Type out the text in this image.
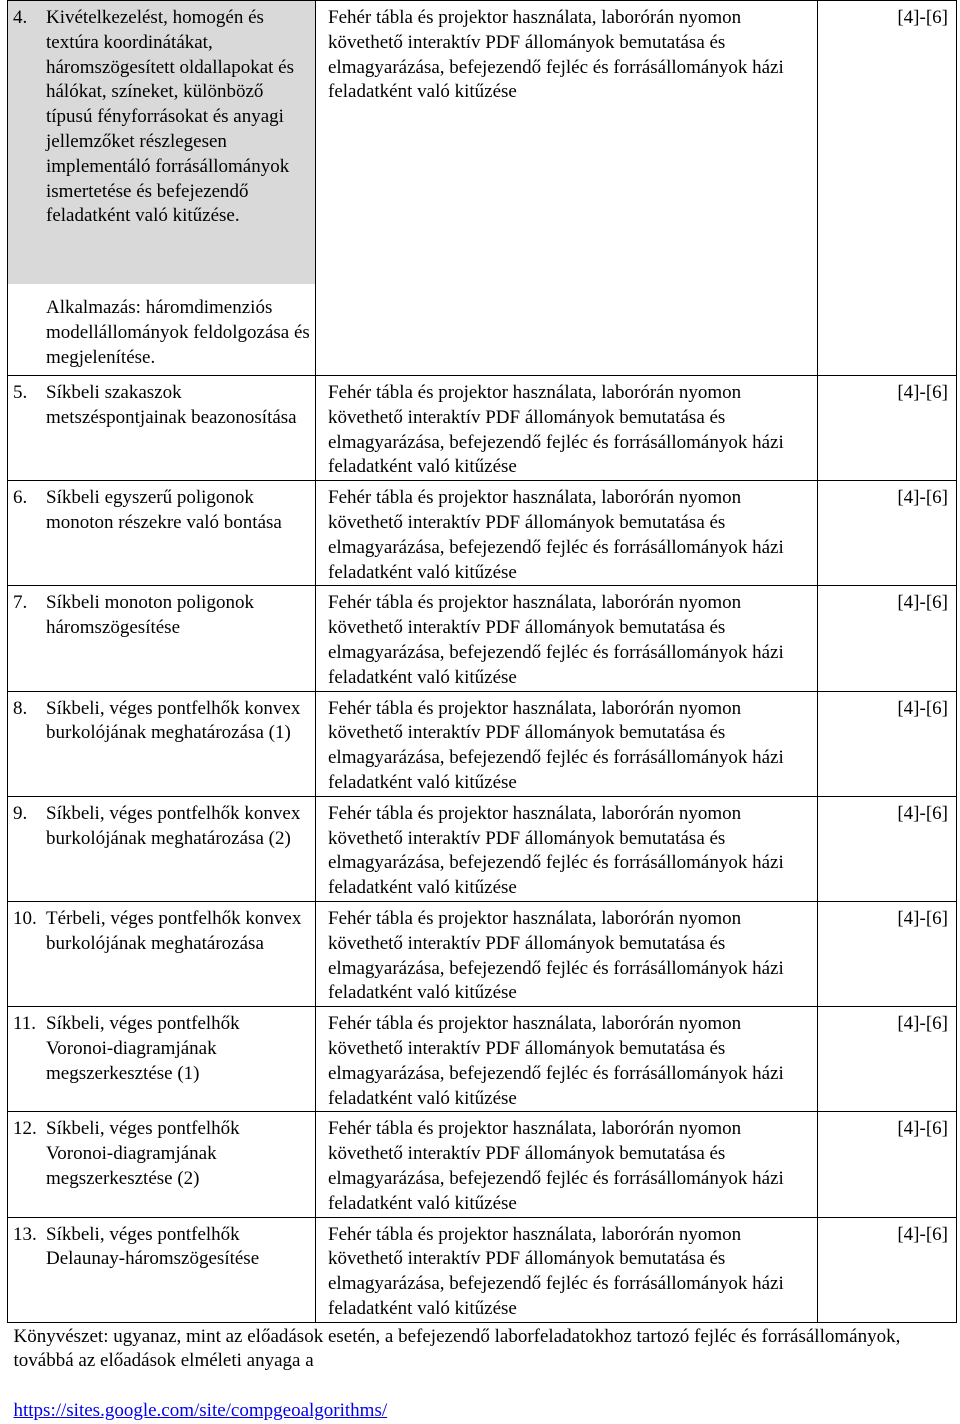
4. Kivételkezelést, homogén és textúra koordinátákat, háromszögesített oldallapokat és hálókat, színeket, különböző típusú fényforrásokat és anyagi jellemzőket részlegesen implementáló forrásállományok ismertetése és befejezendő feladatként való kitűzése.
Alkalmazás: háromdimenziós modellállományok feldolgozása és megjelenítése.	Fehér tábla és projektor használata, laborórán nyomon követhető interaktív PDF állományok bemutatása és elmagyarázása, befejezendő fejléc és forrásállományok házi feladatként való kitűzése	[4]-[6]

5. Síkbeli szakaszok metszéspontjainak beazonosítása	Fehér tábla és projektor használata, laborórán nyomon követhető interaktív PDF állományok bemutatása és elmagyarázása, befejezendő fejléc és forrásállományok házi feladatként való kitűzése	[4]-[6]

6. Síkbeli egyszerű poligonok monoton részekre való bontása	Fehér tábla és projektor használata, laborórán nyomon követhető interaktív PDF állományok bemutatása és elmagyarázása, befejezendő fejléc és forrásállományok házi feladatként való kitűzése	[4]-[6]

7. Síkbeli monoton poligonok háromszögesítése	Fehér tábla és projektor használata, laborórán nyomon követhető interaktív PDF állományok bemutatása és elmagyarázása, befejezendő fejléc és forrásállományok házi feladatként való kitűzése	[4]-[6]

8. Síkbeli, véges pontfelhők konvex burkolójának meghatározása (1)	Fehér tábla és projektor használata, laborórán nyomon követhető interaktív PDF állományok bemutatása és elmagyarázása, befejezendő fejléc és forrásállományok házi feladatként való kitűzése	[4]-[6]

9. Síkbeli, véges pontfelhők konvex burkolójának meghatározása (2)	Fehér tábla és projektor használata, laborórán nyomon követhető interaktív PDF állományok bemutatása és elmagyarázása, befejezendő fejléc és forrásállományok házi feladatként való kitűzése	[4]-[6]

10. Térbeli, véges pontfelhők konvex burkolójának meghatározása	Fehér tábla és projektor használata, laborórán nyomon követhető interaktív PDF állományok bemutatása és elmagyarázása, befejezendő fejléc és forrásállományok házi feladatként való kitűzése	[4]-[6]

11. Síkbeli, véges pontfelhők Voronoi-diagramjának megszerkesztése (1)	Fehér tábla és projektor használata, laborórán nyomon követhető interaktív PDF állományok bemutatása és elmagyarázása, befejezendő fejléc és forrásállományok házi feladatként való kitűzése	[4]-[6]

12. Síkbeli, véges pontfelhők Voronoi-diagramjának megszerkesztése (2)	Fehér tábla és projektor használata, laborórán nyomon követhető interaktív PDF állományok bemutatása és elmagyarázása, befejezendő fejléc és forrásállományok házi feladatként való kitűzése	[4]-[6]

13. Síkbeli, véges pontfelhők Delaunay-háromszögesítése	Fehér tábla és projektor használata, laborórán nyomon követhető interaktív PDF állományok bemutatása és elmagyarázása, befejezendő fejléc és forrásállományok házi feladatként való kitűzése	[4]-[6]

Könyvészet: ugyanaz, mint az előadások esetén, a befejezendő laborfeladatokhoz tartozó fejléc és forrásállományok, továbbá az előadások elméleti anyaga a
https://sites.google.com/site/compgeoalgorithms/		
